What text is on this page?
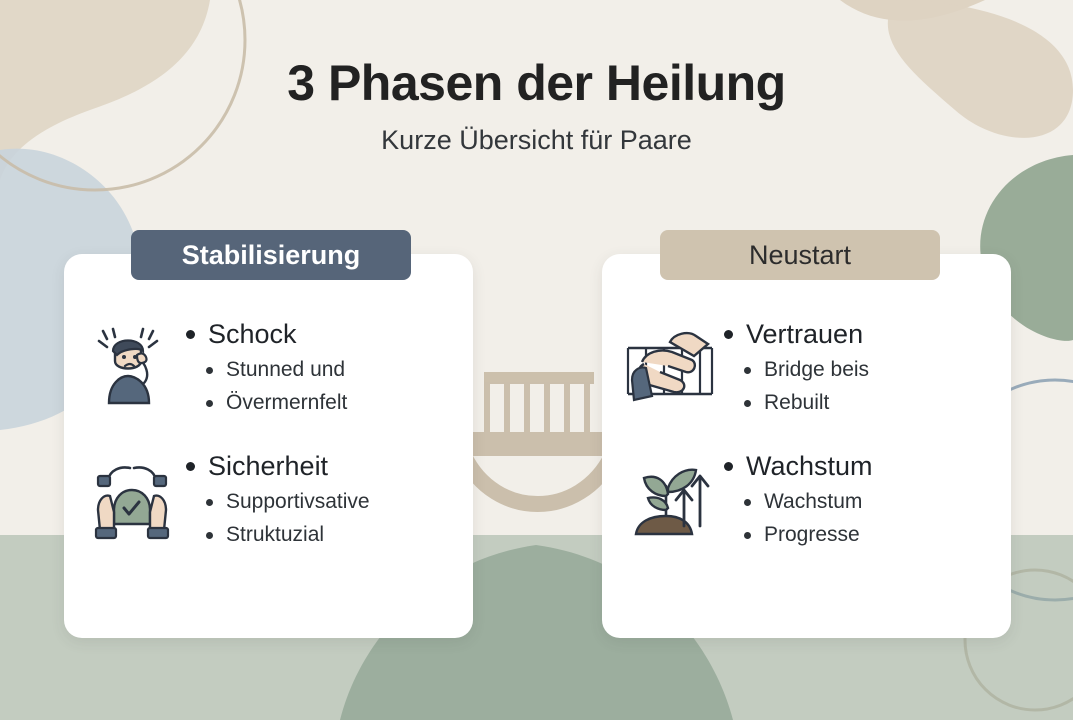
3 Phasen der Heilung
Kurze Übersicht für Paare
Stabilisierung
Schock
Stunned und
Övermernfelt
Sicherheit
Supportivsative
Struktuzial
Neustart
Vertrauen
Bridge beis
Rebuilt
Wachstum
Wachstum
Progresse
